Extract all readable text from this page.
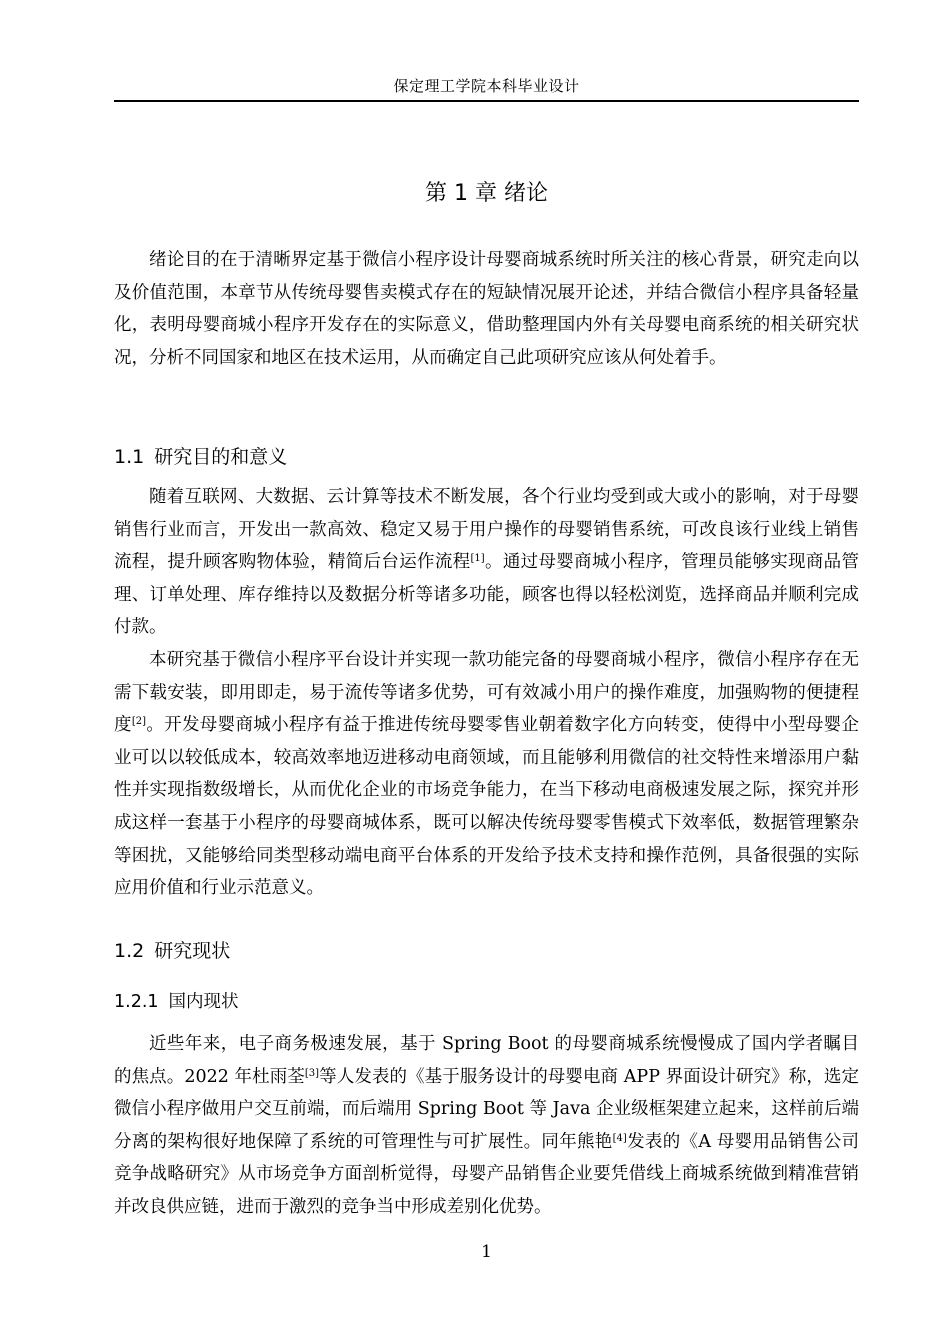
保定理工学院本科毕业设计
第 1 章 绪论

绪论目的在于清晰界定基于微信小程序设计母婴商城系统时所关注的核心背景，研究走向以及价值范围，本章节从传统母婴售卖模式存在的短缺情况展开论述，并结合微信小程序具备轻量化，表明母婴商城小程序开发存在的实际意义，借助整理国内外有关母婴电商系统的相关研究状况，分析不同国家和地区在技术运用，从而确定自己此项研究应该从何处着手。

1.1 研究目的和意义

随着互联网、大数据、云计算等技术不断发展，各个行业均受到或大或小的影响，对于母婴销售行业而言，开发出一款高效、稳定又易于用户操作的母婴销售系统，可改良该行业线上销售流程，提升顾客购物体验，精简后台运作流程[1]。通过母婴商城小程序，管理员能够实现商品管理、订单处理、库存维持以及数据分析等诸多功能，顾客也得以轻松浏览，选择商品并顺利完成付款。

本研究基于微信小程序平台设计并实现一款功能完备的母婴商城小程序，微信小程序存在无需下载安装，即用即走，易于流传等诸多优势，可有效减小用户的操作难度，加强购物的便捷程度[2]。开发母婴商城小程序有益于推进传统母婴零售业朝着数字化方向转变，使得中小型母婴企业可以以较低成本，较高效率地迈进移动电商领域，而且能够利用微信的社交特性来增添用户黏性并实现指数级增长，从而优化企业的市场竞争能力，在当下移动电商极速发展之际，探究并形成这样一套基于小程序的母婴商城体系，既可以解决传统母婴零售模式下效率低，数据管理繁杂等困扰，又能够给同类型移动端电商平台体系的开发给予技术支持和操作范例，具备很强的实际应用价值和行业示范意义。

1.2 研究现状
1.2.1 国内现状

近些年来，电子商务极速发展，基于 Spring Boot 的母婴商城系统慢慢成了国内学者瞩目的焦点。2022 年杜雨荃[3]等人发表的《基于服务设计的母婴电商 APP 界面设计研究》称，选定微信小程序做用户交互前端，而后端用 Spring Boot 等 Java 企业级框架建立起来，这样前后端分离的架构很好地保障了系统的可管理性与可扩展性。同年熊艳[4]发表的《A 母婴用品销售公司竞争战略研究》从市场竞争方面剖析觉得，母婴产品销售企业要凭借线上商城系统做到精准营销并改良供应链，进而于激烈的竞争当中形成差别化优势。

1
